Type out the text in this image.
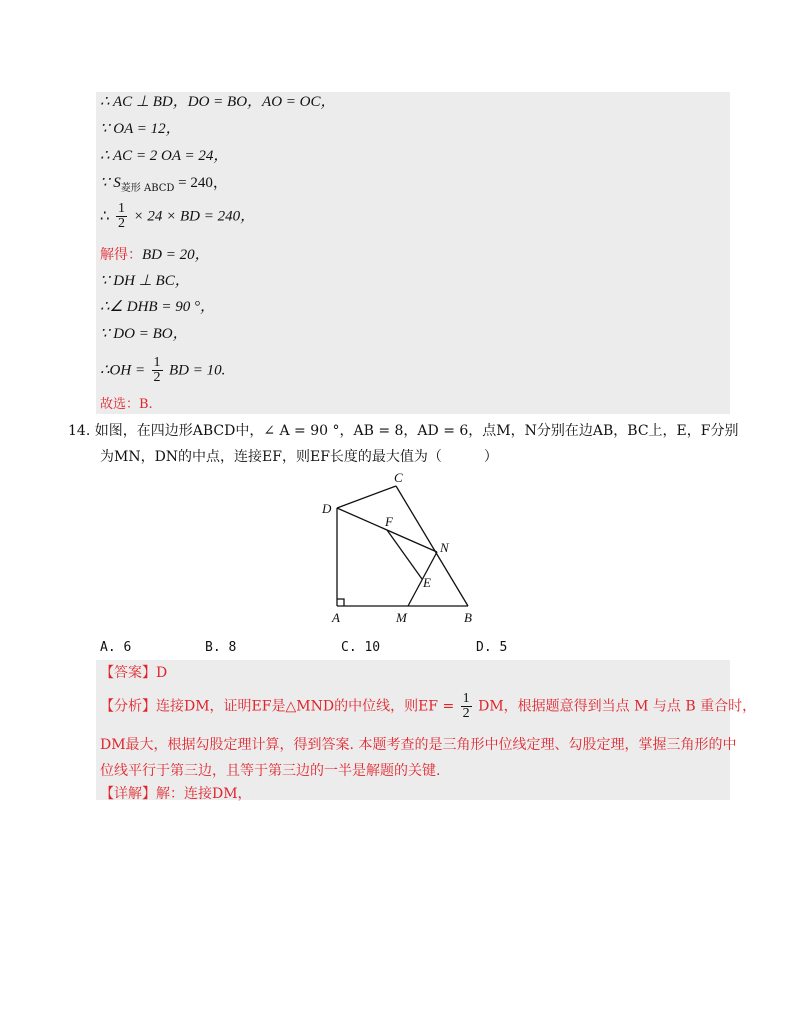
∴ AC ⊥ BD，DO = BO，AO = OC，
∵ OA = 12，
∴ AC = 2 OA = 24，
∵ $S_{菱形 ABCD} = 240$，
∴ $\frac{1}{2} \times 24$ × BD = 240，
解得：BD = 20，
∵ DH ⊥ BC，
∴∠ DHB = 90 °，
∵ DO = BO，
∴OH = $\frac{1}{2}$ BD = 10.
故选：B.
14. 如图，在四边形ABCD中，∠ A = 90 °，AB = 8，AD = 6，点M，N分别在边AB，BC上，E，F分别
为MN，DN的中点，连接EF，则EF长度的最大值为（　　　）
D
C
F
N
E
A	M	B
A. 6	B. 8	C. 10	D. 5
【答案】D
【分析】连接DM，证明EF是△MND的中位线，则EF = $\frac{1}{2}$ DM，根据题意得到当点 M 与点 B 重合时，
DM最大，根据勾股定理计算，得到答案. 本题考查的是三角形中位线定理、勾股定理，掌握三角形的中
位线平行于第三边，且等于第三边的一半是解题的关键.
【详解】解：连接DM，
